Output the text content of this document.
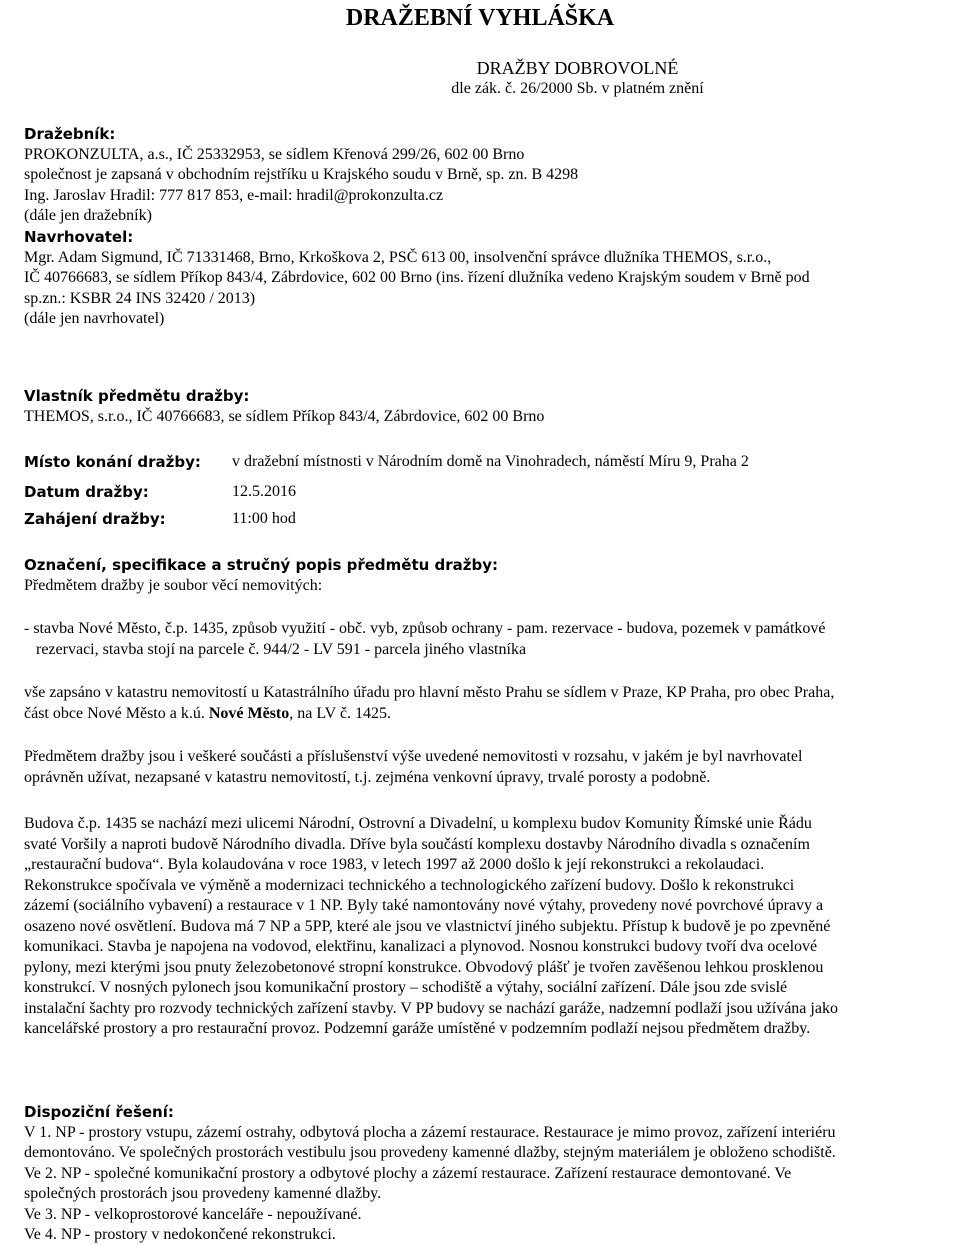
DRAŽEBNÍ VYHLÁŠKA
DRAŽBY DOBROVOLNÉ
dle zák. č. 26/2000 Sb. v platném znění

Dražebník:

PROKONZULTA, a.s., IČ 25332953, se sídlem Křenová 299/26, 602 00 Brno

společnost je zapsaná v obchodním rejstříku u Krajského soudu v Brně, sp. zn. B 4298

Ing. Jaroslav Hradil: 777 817 853, e-mail: hradil@prokonzulta.cz

(dále jen dražebník)

Navrhovatel:

Mgr. Adam Sigmund, IČ 71331468, Brno, Krkoškova 2, PSČ 613 00, insolvenční správce dlužníka THEMOS, s.r.o.,

IČ 40766683, se sídlem Příkop 843/4, Zábrdovice, 602 00 Brno (ins. řízení dlužníka vedeno Krajským soudem v Brně pod

sp.zn.: KSBR 24 INS 32420 / 2013)

(dále jen navrhovatel)

Vlastník předmětu dražby:

THEMOS, s.r.o., IČ 40766683, se sídlem Příkop 843/4, Zábrdovice, 602 00 Brno

Místo konání dražby: v dražební místnosti v Národním domě na Vinohradech, náměstí Míru 9, Praha 2
Datum dražby:	12.5.2016
Zahájení dražby:	11:00 hod

Označení, specifikace a stručný popis předmětu dražby:

Předmětem dražby je soubor věcí nemovitých:

- stavba Nové Město, č.p. 1435, způsob využití - obč. vyb, způsob ochrany - pam. rezervace - budova, pozemek v památkové

rezervaci, stavba stojí na parcele č. 944/2 - LV 591 - parcela jiného vlastníka

vše zapsáno v katastru nemovitostí u Katastrálního úřadu pro hlavní město Prahu se sídlem v Praze, KP Praha, pro obec Praha,

část obce Nové Město a k.ú. Nové Město, na LV č. 1425.

Předmětem dražby jsou i veškeré součásti a příslušenství výše uvedené nemovitosti v rozsahu, v jakém je byl navrhovatel

oprávněn užívat, nezapsané v katastru nemovitostí, t.j. zejména venkovní úpravy, trvalé porosty a podobně.

Budova č.p. 1435 se nachází mezi ulicemi Národní, Ostrovní a Divadelní, u komplexu budov Komunity Římské unie Řádu

svaté Voršily a naproti budově Národního divadla. Dříve byla součástí komplexu dostavby Národního divadla s označením

„restaurační budova“. Byla kolaudována v roce 1983, v letech 1997 až 2000 došlo k její rekonstrukci a rekolaudaci.

Rekonstrukce spočívala ve výměně a modernizaci technického a technologického zařízení budovy. Došlo k rekonstrukci

zázemí (sociálního vybavení) a restaurace v 1 NP. Byly také namontovány nové výtahy, provedeny nové povrchové úpravy a

osazeno nové osvětlení. Budova má 7 NP a 5PP, které ale jsou ve vlastnictví jiného subjektu. Přístup k budově je po zpevněné

komunikaci. Stavba je napojena na vodovod, elektřinu, kanalizaci a plynovod. Nosnou konstrukci budovy tvoří dva ocelové

pylony, mezi kterými jsou pnuty železobetonové stropní konstrukce. Obvodový plášť je tvořen zavěšenou lehkou prosklenou

konstrukcí. V nosných pylonech jsou komunikační prostory – schodiště a výtahy, sociální zařízení. Dále jsou zde svislé

instalační šachty pro rozvody technických zařízení stavby. V PP budovy se nachází garáže, nadzemní podlaží jsou užívána jako

kancelářské prostory a pro restaurační provoz. Podzemní garáže umístěné v podzemním podlaží nejsou předmětem dražby.

Dispoziční řešení:

V 1. NP - prostory vstupu, zázemí ostrahy, odbytová plocha a zázemí restaurace. Restaurace je mimo provoz, zařízení interiéru

demontováno. Ve společných prostorách vestibulu jsou provedeny kamenné dlažby, stejným materiálem je obloženo schodiště.

Ve 2. NP - společné komunikační prostory a odbytové plochy a zázemí restaurace. Zařízení restaurace demontované. Ve

společných prostorách jsou provedeny kamenné dlažby.

Ve 3. NP - velkoprostorové kanceláře - nepoužívané.

Ve 4. NP - prostory v nedokončené rekonstrukci.
